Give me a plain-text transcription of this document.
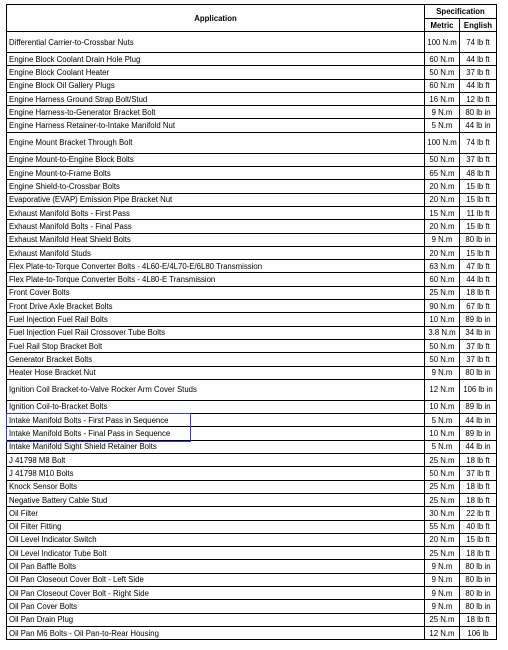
Application	Specification	
	Metric	English
Differential Carrier-to-Crossbar Nuts	100 N.m	74 lb ft
Engine Block Coolant Drain Hole Plug	60 N.m	44 lb ft
Engine Block Coolant Heater	50 N.m	37 lb ft
Engine Block Oil Gallery Plugs	60 N.m	44 lb ft
Engine Harness Ground Strap Bolt/Stud	16 N.m	12 lb ft
Engine Harness-to-Generator Bracket Bolt	9 N.m	80 lb in
Engine Harness Retainer-to-Intake Manifold Nut	5 N.m	44 lb in
Engine Mount Bracket Through Bolt	100 N.m	74 lb ft
Engine Mount-to-Engine Block Bolts	50 N.m	37 lb ft
Engine Mount-to-Frame Bolts	65 N.m	48 lb ft
Engine Shield-to-Crossbar Bolts	20 N.m	15 lb ft
Evaporative (EVAP) Emission Pipe Bracket Nut	20 N.m	15 lb ft
Exhaust Manifold Bolts - First Pass	15 N.m	11 lb ft
Exhaust Manifold Bolts - Final Pass	20 N.m	15 lb ft
Exhaust Manifold Heat Shield Bolts	9 N.m	80 lb in
Exhaust Manifold Studs	20 N.m	15 lb ft
Flex Plate-to-Torque Converter Bolts - 4L60-E/4L70-E/6L80 Transmission	63 N.m	47 lb ft
Flex Plate-to-Torque Converter Bolts - 4L80-E Transmission	60 N.m	44 lb ft
Front Cover Bolts	25 N.m	18 lb ft
Front Drive Axle Bracket Bolts	90 N.m	67 lb ft
Fuel Injection Fuel Rail Bolts	10 N.m	89 lb in
Fuel Injection Fuel Rail Crossover Tube Bolts	3.8 N.m	34 lb in
Fuel Rail Stop Bracket Bolt	50 N.m	37 lb ft
Generator Bracket Bolts	50 N.m	37 lb ft
Heater Hose Bracket Nut	9 N.m	80 lb in
Ignition Coil Bracket-to-Valve Rocker Arm Cover Studs	12 N.m	106 lb in
Ignition Coil-to-Bracket Bolts	10 N.m	89 lb in
Intake Manifold Bolts - First Pass in Sequence	5 N.m	44 lb in
Intake Manifold Bolts - Final Pass in Sequence	10 N.m	89 lb in
Intake Manifold Sight Shield Retainer Bolts	5 N.m	44 lb in
J 41798 M8 Bolt	25 N.m	18 lb ft
J 41798 M10 Bolts	50 N.m	37 lb ft
Knock Sensor Bolts	25 N.m	18 lb ft
Negative Battery Cable Stud	25 N.m	18 lb ft
Oil Filter	30 N.m	22 lb ft
Oil Filter Fitting	55 N.m	40 lb ft
Oil Level Indicator Switch	20 N.m	15 lb ft
Oil Level Indicator Tube Bolt	25 N.m	18 lb ft
Oil Pan Baffle Bolts	9 N.m	80 lb in
Oil Pan Closeout Cover Bolt - Left Side	9 N.m	80 lb in
Oil Pan Closeout Cover Bolt - Right Side	9 N.m	80 lb in
Oil Pan Cover Bolts	9 N.m	80 lb in
Oil Pan Drain Plug	25 N.m	18 lb ft
Oil Pan M6 Bolts - Oil Pan-to-Rear Housing	12 N.m	106 lb
